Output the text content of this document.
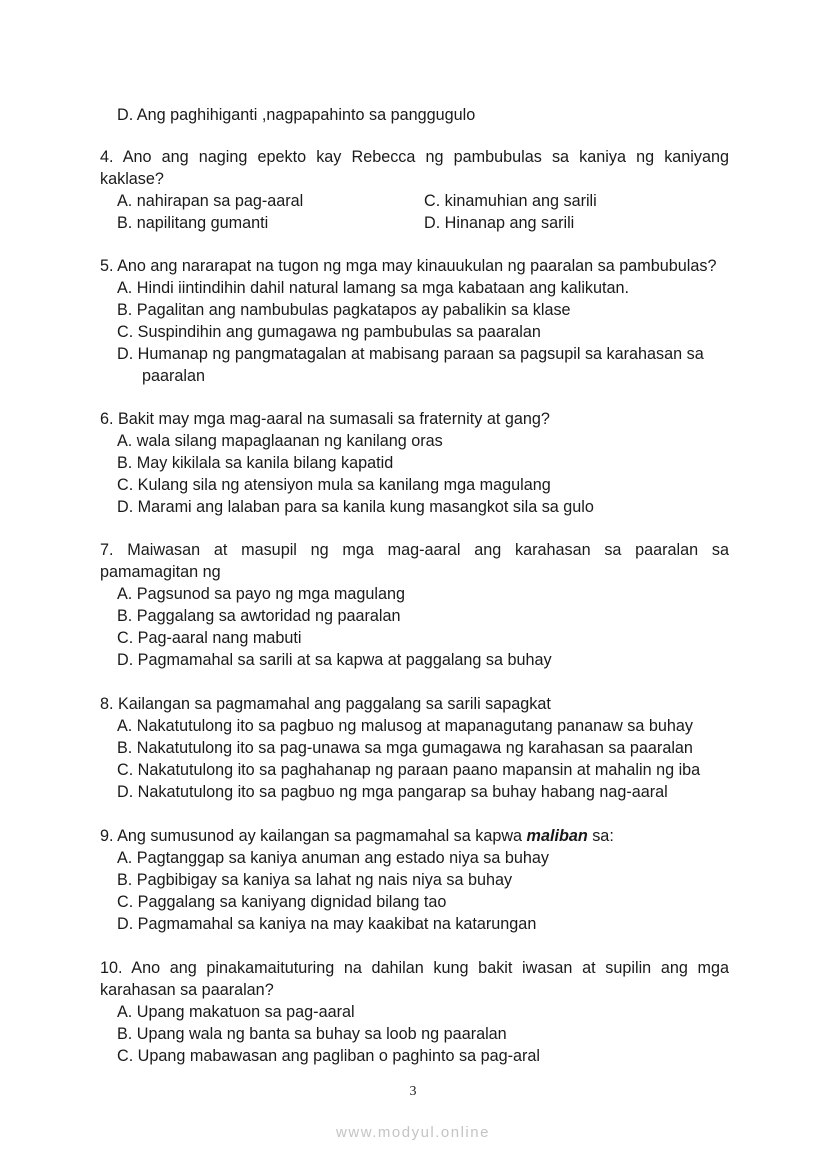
D. Ang paghihiganti ,nagpapahinto sa panggugulo
4. Ano ang naging epekto kay Rebecca ng pambubulas sa kaniya ng kaniyang
kaklase?
A. nahirapan sa pag-aaral	C. kinamuhian ang sarili
B. napilitang gumanti	D. Hinanap ang sarili
5. Ano ang nararapat na tugon ng mga may kinauukulan ng paaralan sa pambubulas?
A. Hindi iintindihin dahil natural lamang sa mga kabataan ang kalikutan.
B. Pagalitan ang nambubulas pagkatapos ay pabalikin sa klase
C. Suspindihin ang gumagawa ng pambubulas sa paaralan
D. Humanap ng pangmatagalan at mabisang paraan sa pagsupil sa karahasan sa
paaralan
6. Bakit may mga mag-aaral na sumasali sa fraternity at gang?
A. wala silang mapaglaanan ng kanilang oras
B. May kikilala sa kanila bilang kapatid
C. Kulang sila ng atensiyon mula sa kanilang mga magulang
D. Marami ang lalaban para sa kanila kung masangkot sila sa gulo
7. Maiwasan at masupil ng mga mag-aaral ang karahasan sa paaralan sa
pamamagitan ng
A. Pagsunod sa payo ng mga magulang
B. Paggalang sa awtoridad ng paaralan
C. Pag-aaral nang mabuti
D. Pagmamahal sa sarili at sa kapwa at paggalang sa buhay
8. Kailangan sa pagmamahal ang paggalang sa sarili sapagkat
A. Nakatutulong ito sa pagbuo ng malusog at mapanagutang pananaw sa buhay
B. Nakatutulong ito sa pag-unawa sa mga gumagawa ng karahasan sa paaralan
C. Nakatutulong ito sa paghahanap ng paraan paano mapansin at mahalin ng iba
D. Nakatutulong ito sa pagbuo ng mga pangarap sa buhay habang nag-aaral
9. Ang sumusunod ay kailangan sa pagmamahal sa kapwa maliban sa:
A. Pagtanggap sa kaniya anuman ang estado niya sa buhay
B. Pagbibigay sa kaniya sa lahat ng nais niya sa buhay
C. Paggalang sa kaniyang dignidad bilang tao
D. Pagmamahal sa kaniya na may kaakibat na katarungan
10. Ano ang pinakamaituturing na dahilan kung bakit iwasan at supilin ang mga
karahasan sa paaralan?
A. Upang makatuon sa pag-aaral
B. Upang wala ng banta sa buhay sa loob ng paaralan
C. Upang mabawasan ang pagliban o paghinto sa pag-aral
3
www.modyul.online
